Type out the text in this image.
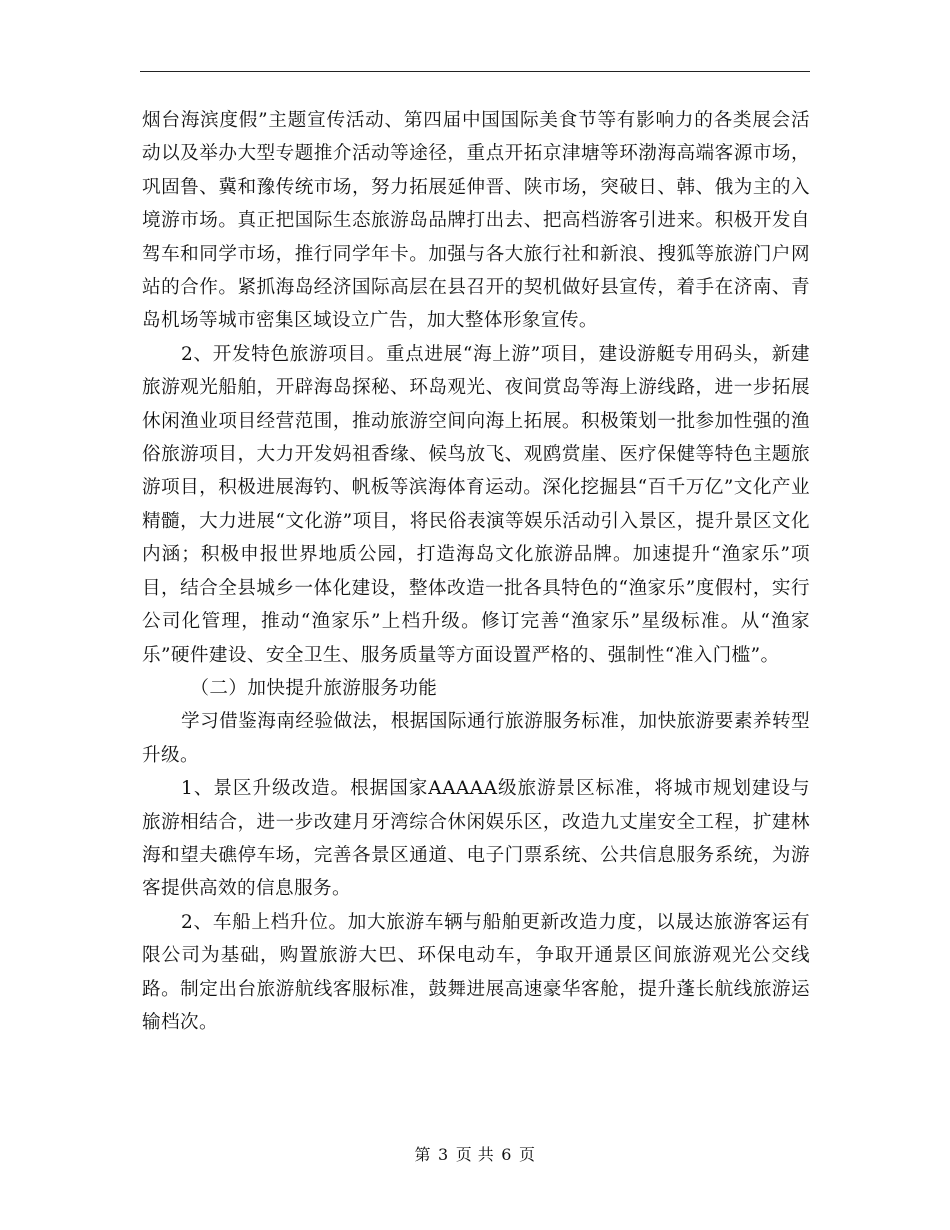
烟台海滨度假”主题宣传活动、第四届中国国际美食节等有影响力的各类展会活动以及举办大型专题推介活动等途径，重点开拓京津塘等环渤海高端客源市场，巩固鲁、冀和豫传统市场，努力拓展延伸晋、陕市场，突破日、韩、俄为主的入境游市场。真正把国际生态旅游岛品牌打出去、把高档游客引进来。积极开发自驾车和同学市场，推行同学年卡。加强与各大旅行社和新浪、搜狐等旅游门户网站的合作。紧抓海岛经济国际高层在县召开的契机做好县宣传，着手在济南、青岛机场等城市密集区域设立广告，加大整体形象宣传。

2、开发特色旅游项目。重点进展“海上游”项目，建设游艇专用码头，新建旅游观光船舶，开辟海岛探秘、环岛观光、夜间赏岛等海上游线路，进一步拓展休闲渔业项目经营范围，推动旅游空间向海上拓展。积极策划一批参加性强的渔俗旅游项目，大力开发妈祖香缘、候鸟放飞、观鸥赏崖、医疗保健等特色主题旅游项目，积极进展海钓、帆板等滨海体育运动。深化挖掘县“百千万亿”文化产业精髓，大力进展“文化游”项目，将民俗表演等娱乐活动引入景区，提升景区文化内涵；积极申报世界地质公园，打造海岛文化旅游品牌。加速提升“渔家乐”项目，结合全县城乡一体化建设，整体改造一批各具特色的“渔家乐”度假村，实行公司化管理，推动“渔家乐”上档升级。修订完善“渔家乐”星级标准。从“渔家乐”硬件建设、安全卫生、服务质量等方面设置严格的、强制性“准入门槛”。

（二）加快提升旅游服务功能

学习借鉴海南经验做法，根据国际通行旅游服务标准，加快旅游要素养转型升级。

1、景区升级改造。根据国家AAAAA级旅游景区标准，将城市规划建设与旅游相结合，进一步改建月牙湾综合休闲娱乐区，改造九丈崖安全工程，扩建林海和望夫礁停车场，完善各景区通道、电子门票系统、公共信息服务系统，为游客提供高效的信息服务。

2、车船上档升位。加大旅游车辆与船舶更新改造力度，以晟达旅游客运有限公司为基础，购置旅游大巴、环保电动车，争取开通景区间旅游观光公交线路。制定出台旅游航线客服标准，鼓舞进展高速豪华客舱，提升蓬长航线旅游运输档次。

第 3 页 共 6 页
